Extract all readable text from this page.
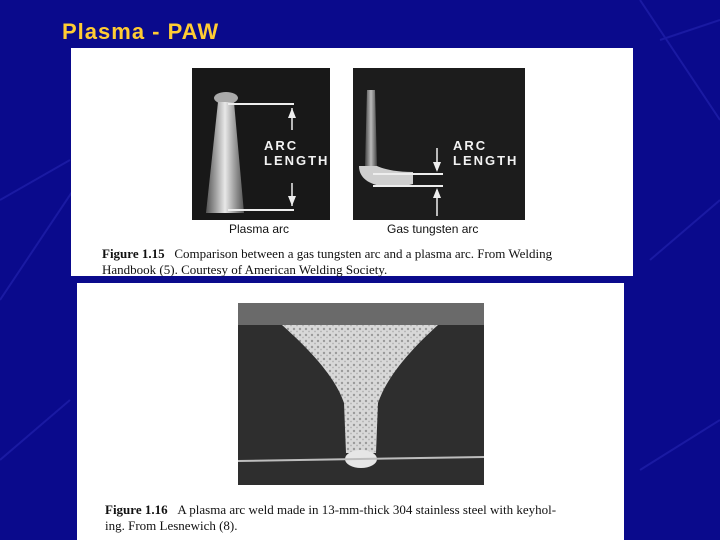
Plasma - PAW
ARC
LENGTH
ARC
LENGTH
Plasma arc	Gas tungsten arc
Figure 1.15 Comparison between a gas tungsten arc and a plasma arc. From Welding
Handbook (5). Courtesy of American Welding Society.
Figure 1.16 A plasma arc weld made in 13-mm-thick 304 stainless steel with keyhol-
ing. From Lesnewich (8).
